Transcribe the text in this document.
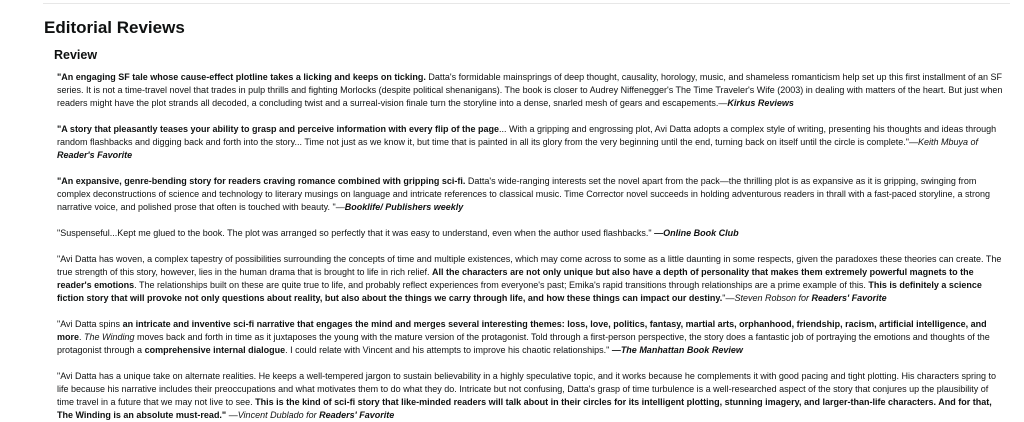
Editorial Reviews
Review

"An engaging SF tale whose cause-effect plotline takes a licking and keeps on ticking. Datta's formidable mainsprings of deep thought, causality, horology, music, and shameless romanticism help set up this first installment of an SF series. It is not a time-travel novel that trades in pulp thrills and fighting Morlocks (despite political shenanigans). The book is closer to Audrey Niffenegger's The Time Traveler's Wife (2003) in dealing with matters of the heart. But just when readers might have the plot strands all decoded, a concluding twist and a surreal-vision finale turn the storyline into a dense, snarled mesh of gears and escapements.—Kirkus Reviews

"A story that pleasantly teases your ability to grasp and perceive information with every flip of the page... With a gripping and engrossing plot, Avi Datta adopts a complex style of writing, presenting his thoughts and ideas through random flashbacks and digging back and forth into the story... Time not just as we know it, but time that is painted in all its glory from the very beginning until the end, turning back on itself until the circle is complete."—Keith Mbuya of Reader's Favorite

"An expansive, genre-bending story for readers craving romance combined with gripping sci-fi. Datta's wide-ranging interests set the novel apart from the pack—the thrilling plot is as expansive as it is gripping, swinging from complex deconstructions of science and technology to literary musings on language and intricate references to classical music. Time Corrector novel succeeds in holding adventurous readers in thrall with a fast-paced storyline, a strong narrative voice, and polished prose that often is touched with beauty. "—Booklife/ Publishers weekly

"Suspenseful...Kept me glued to the book. The plot was arranged so perfectly that it was easy to understand, even when the author used flashbacks." —Online Book Club

"Avi Datta has woven, a complex tapestry of possibilities surrounding the concepts of time and multiple existences, which may come across to some as a little daunting in some respects, given the paradoxes these theories can create. The true strength of this story, however, lies in the human drama that is brought to life in rich relief. All the characters are not only unique but also have a depth of personality that makes them extremely powerful magnets to the reader's emotions. The relationships built on these are quite true to life, and probably reflect experiences from everyone's past; Emika's rapid transitions through relationships are a prime example of this. This is definitely a science fiction story that will provoke not only questions about reality, but also about the things we carry through life, and how these things can impact our destiny."—Steven Robson for Readers' Favorite

"Avi Datta spins an intricate and inventive sci-fi narrative that engages the mind and merges several interesting themes: loss, love, politics, fantasy, martial arts, orphanhood, friendship, racism, artificial intelligence, and more. The Winding moves back and forth in time as it juxtaposes the young with the mature version of the protagonist. Told through a first-person perspective, the story does a fantastic job of portraying the emotions and thoughts of the protagonist through a comprehensive internal dialogue. I could relate with Vincent and his attempts to improve his chaotic relationships." —The Manhattan Book Review

"Avi Datta has a unique take on alternate realities. He keeps a well-tempered jargon to sustain believability in a highly speculative topic, and it works because he complements it with good pacing and tight plotting. His characters spring to life because his narrative includes their preoccupations and what motivates them to do what they do. Intricate but not confusing, Datta's grasp of time turbulence is a well-researched aspect of the story that conjures up the plausibility of time travel in a future that we may not live to see. This is the kind of sci-fi story that like-minded readers will talk about in their circles for its intelligent plotting, stunning imagery, and larger-than-life characters. And for that, The Winding is an absolute must-read." —Vincent Dublado for Readers' Favorite
